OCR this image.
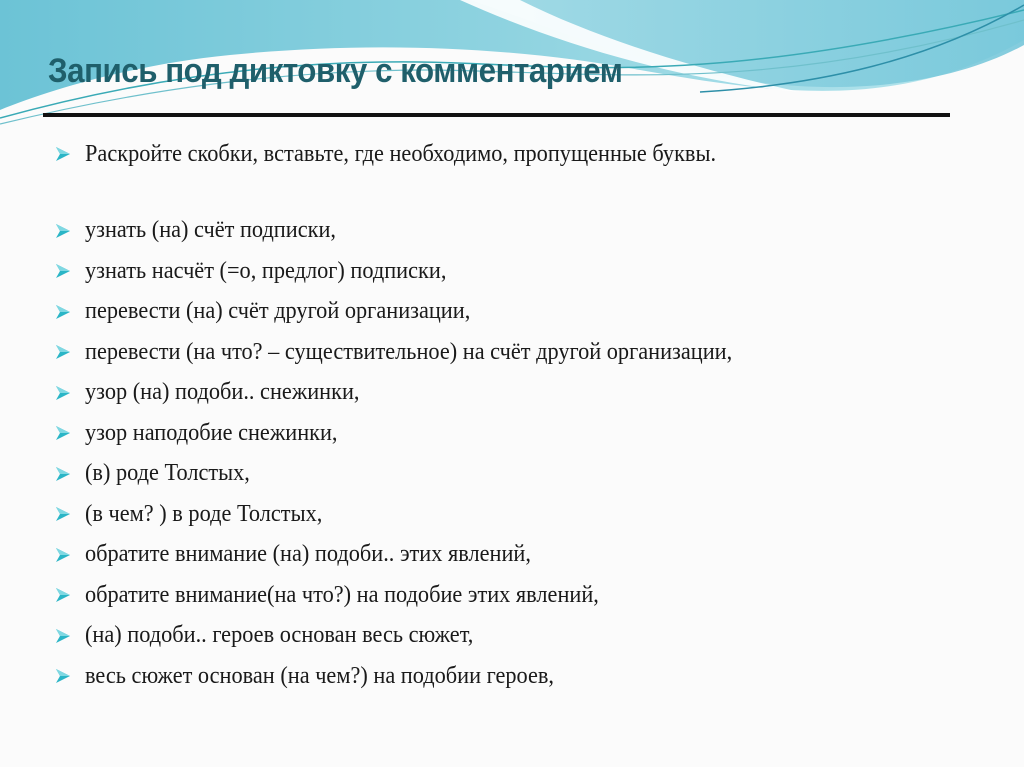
Запись под диктовку с комментарием
Раскройте скобки, вставьте, где необходимо, пропущенные буквы.
узнать (на) счёт подписки,
узнать насчёт (=о, предлог) подписки,
перевести (на) счёт другой организации,
перевести (на что? – существительное) на счёт другой организации,
узор (на) подоби.. снежинки,
узор наподобие снежинки,
(в) роде Толстых,
(в чем? ) в роде Толстых,
обратите внимание (на) подоби.. этих явлений,
обратите внимание(на что?) на подобие этих явлений,
(на) подоби.. героев основан весь сюжет,
весь сюжет основан (на чем?) на подобии героев,
